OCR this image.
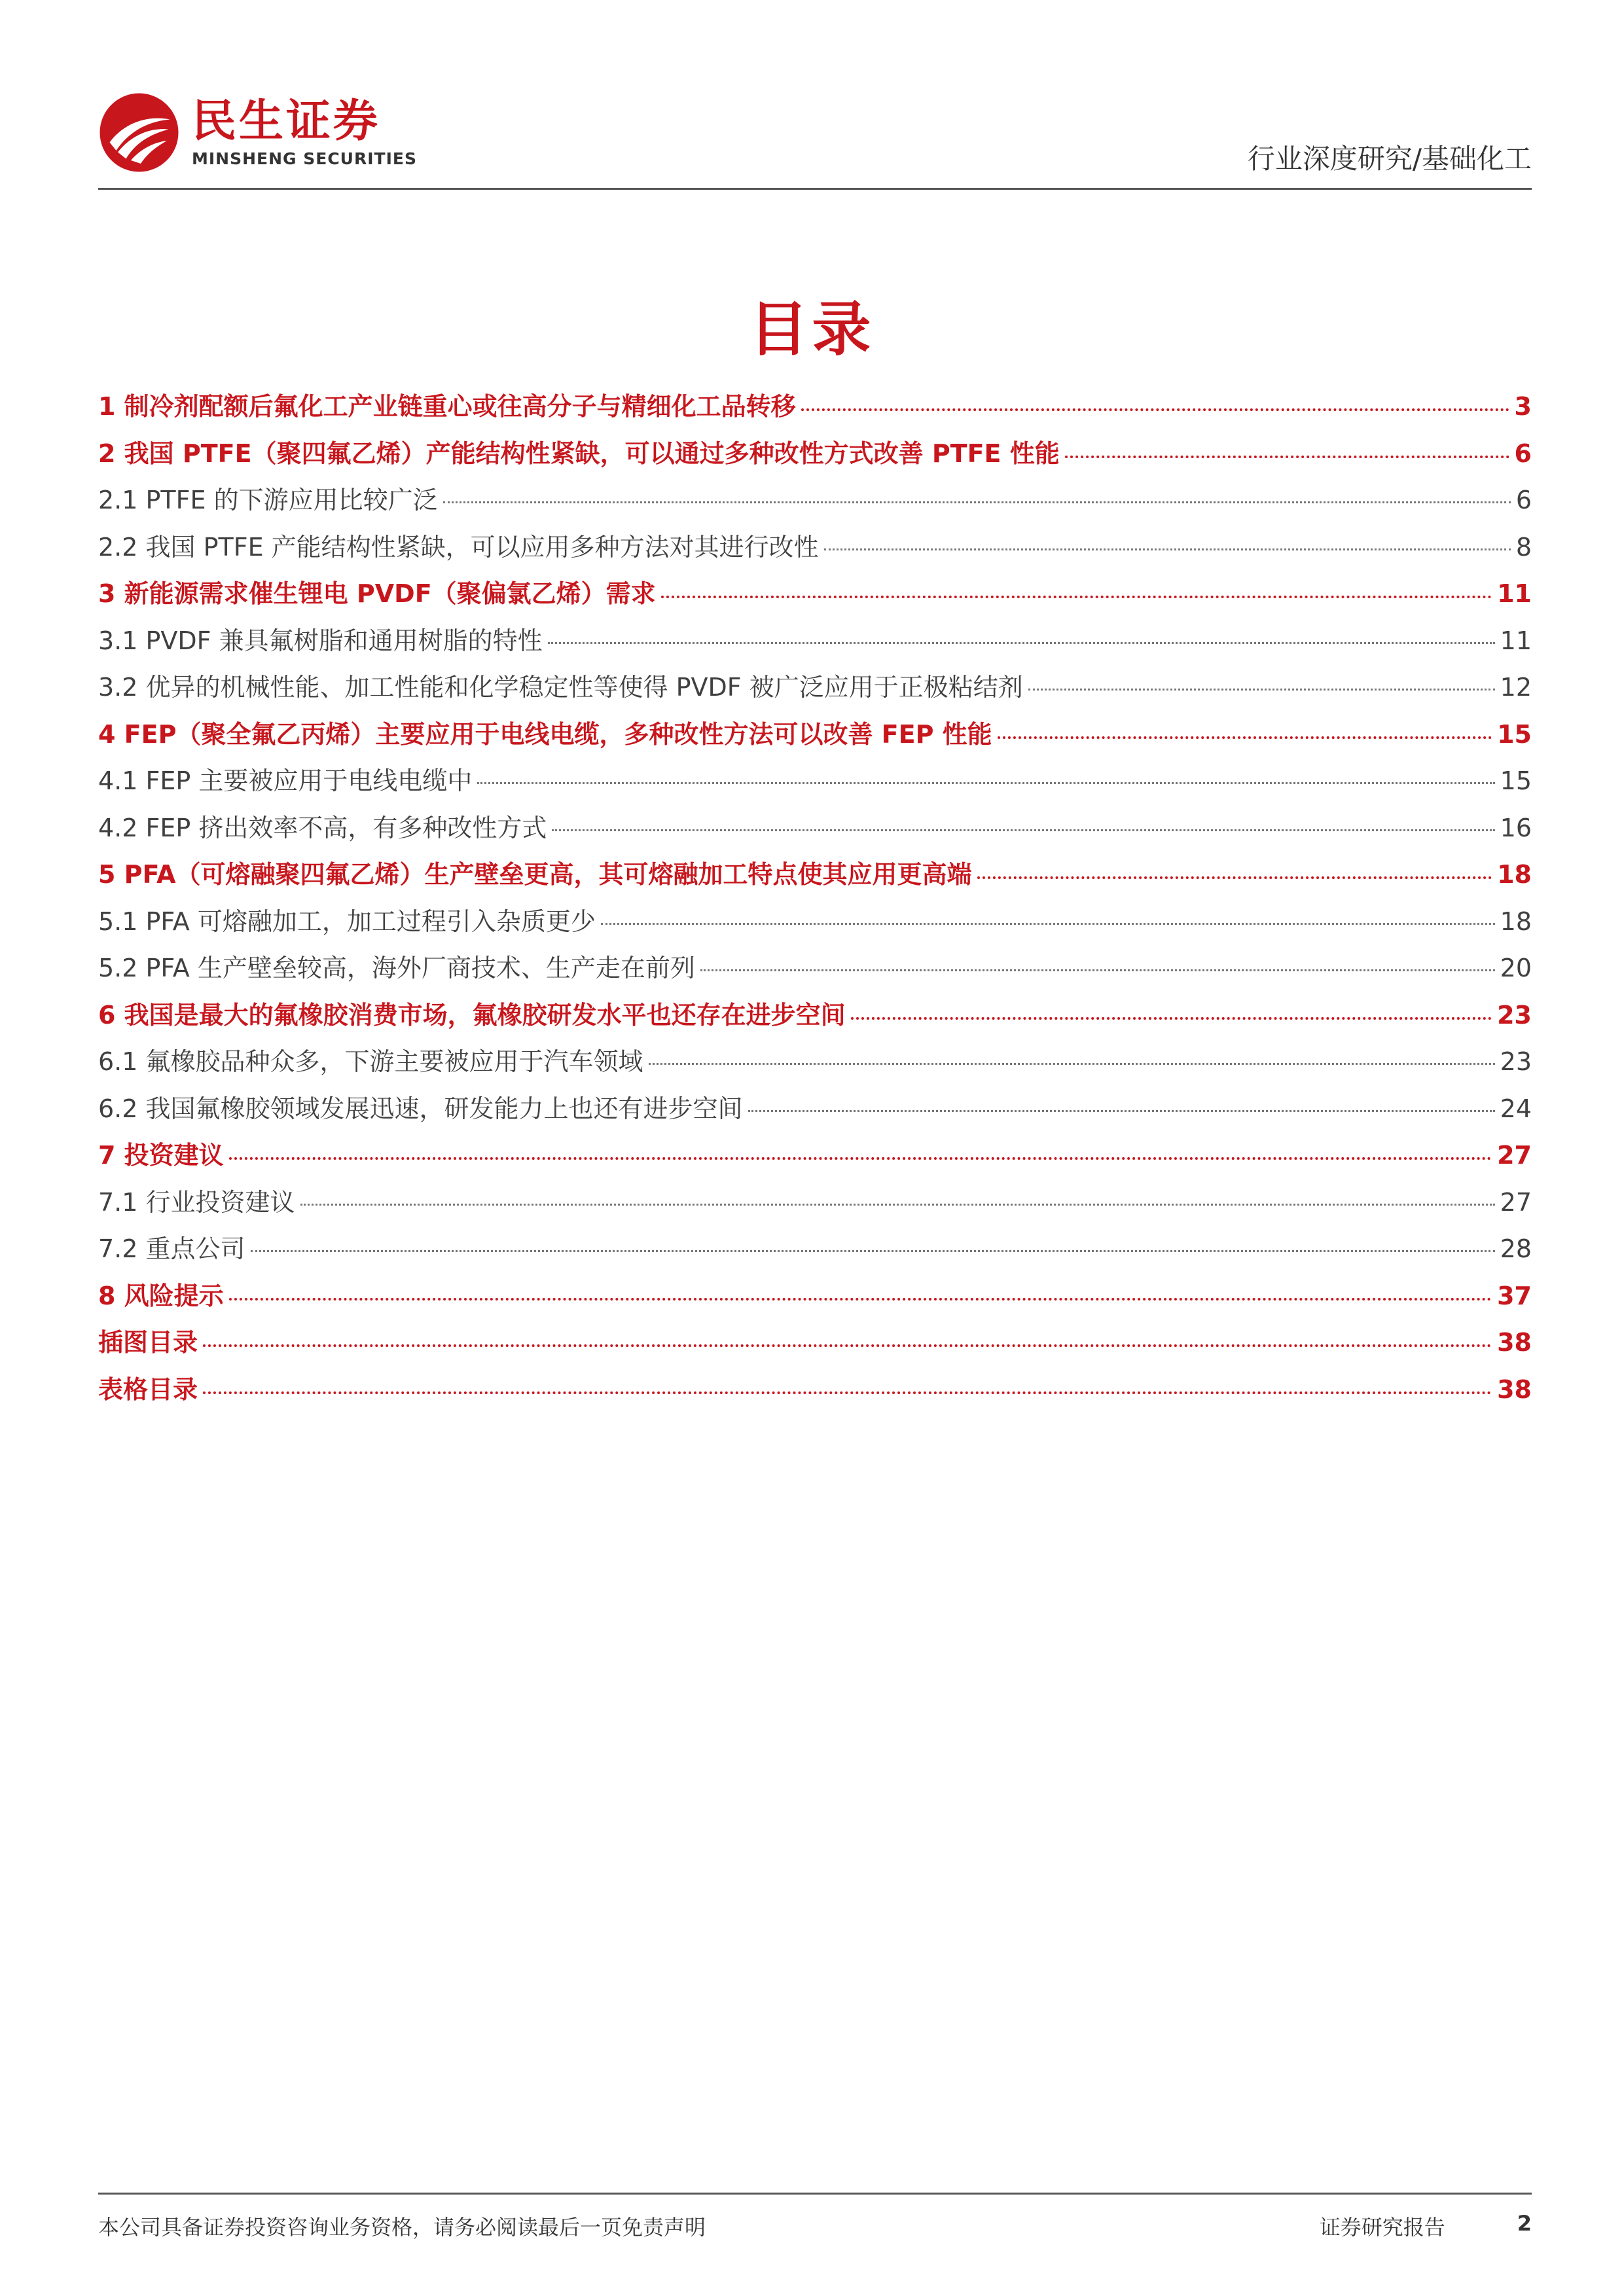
民生证券
MINSHENG SECURITIES	行业深度研究/基础化工
目录
1 制冷剂配额后氟化工产业链重心或往高分子与精细化工品转移	3
2 我国 PTFE（聚四氟乙烯）产能结构性紧缺，可以通过多种改性方式改善 PTFE 性能	6
2.1 PTFE 的下游应用比较广泛	6
2.2 我国 PTFE 产能结构性紧缺，可以应用多种方法对其进行改性	8
3 新能源需求催生锂电 PVDF（聚偏氯乙烯）需求	11
3.1 PVDF 兼具氟树脂和通用树脂的特性	11
3.2 优异的机械性能、加工性能和化学稳定性等使得 PVDF 被广泛应用于正极粘结剂	12
4 FEP（聚全氟乙丙烯）主要应用于电线电缆，多种改性方法可以改善 FEP 性能	15
4.1 FEP 主要被应用于电线电缆中	15
4.2 FEP 挤出效率不高，有多种改性方式	16
5 PFA（可熔融聚四氟乙烯）生产壁垒更高，其可熔融加工特点使其应用更高端	18
5.1 PFA 可熔融加工，加工过程引入杂质更少	18
5.2 PFA 生产壁垒较高，海外厂商技术、生产走在前列	20
6 我国是最大的氟橡胶消费市场，氟橡胶研发水平也还存在进步空间	23
6.1 氟橡胶品种众多，下游主要被应用于汽车领域	23
6.2 我国氟橡胶领域发展迅速，研发能力上也还有进步空间	24
7 投资建议	27
7.1 行业投资建议	27
7.2 重点公司	28
8 风险提示	37
插图目录	38
表格目录	38
本公司具备证券投资咨询业务资格，请务必阅读最后一页免责声明	证券研究报告	2
